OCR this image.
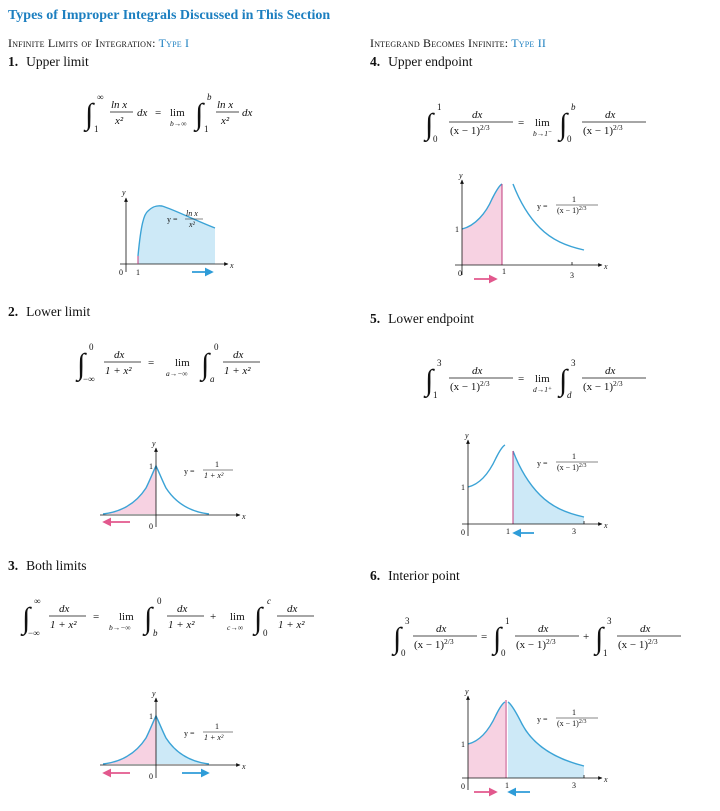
Types of Improper Integrals Discussed in This Section
Infinite Limits of Integration: Type I	Integrand Becomes Infinite: Type II
1. Upper limit
2. Lower limit
3. Both limits
4. Upper endpoint
5. Lower endpoint
6. Interior point
∫
∞
1
ln x
x²
dx = lim
b→∞ ∫
b
1
ln x
x²
dx
∫
0
−∞
dx
1 + x²
= lim
a→−∞ ∫
0
a
dx
1 + x²
∫
∞
−∞
dx
1 + x²
= lim
b→−∞ ∫
0
b
dx
1 + x²
+ lim
c→∞ ∫
c
0
dx
1 + x²
∫
1
0
dx
$(x - 1)^{2/3}$	= lim
b→1⁻ ∫
b
0
dx
$(x - 1)^{2/3}$
∫
3
1
dx
$(x - 1)^{2/3}$	= lim
d→1⁺ ∫
3
d
dx
$(x - 1)^{2/3}$
∫
3
0
dx
$(x - 1)^{2/3}$ = ∫
1
0
dx
$(x - 1)^{2/3}$ + ∫
3
1
dx
$(x - 1)^{2/3}$
y
x
0 1
y =
ln x
x²
y
x
0
1
y =
1
1 + x²
y
x
0
1
y =
1
1 + x²
y
x
0	1	3
1
y =
1
$(x - 1)^{2/3}$
y
x
0	1	3
1
y =
1
$(x - 1)^{2/3}$
y
x
0	1	3
1
y =
1
$(x - 1)^{2/3}$
